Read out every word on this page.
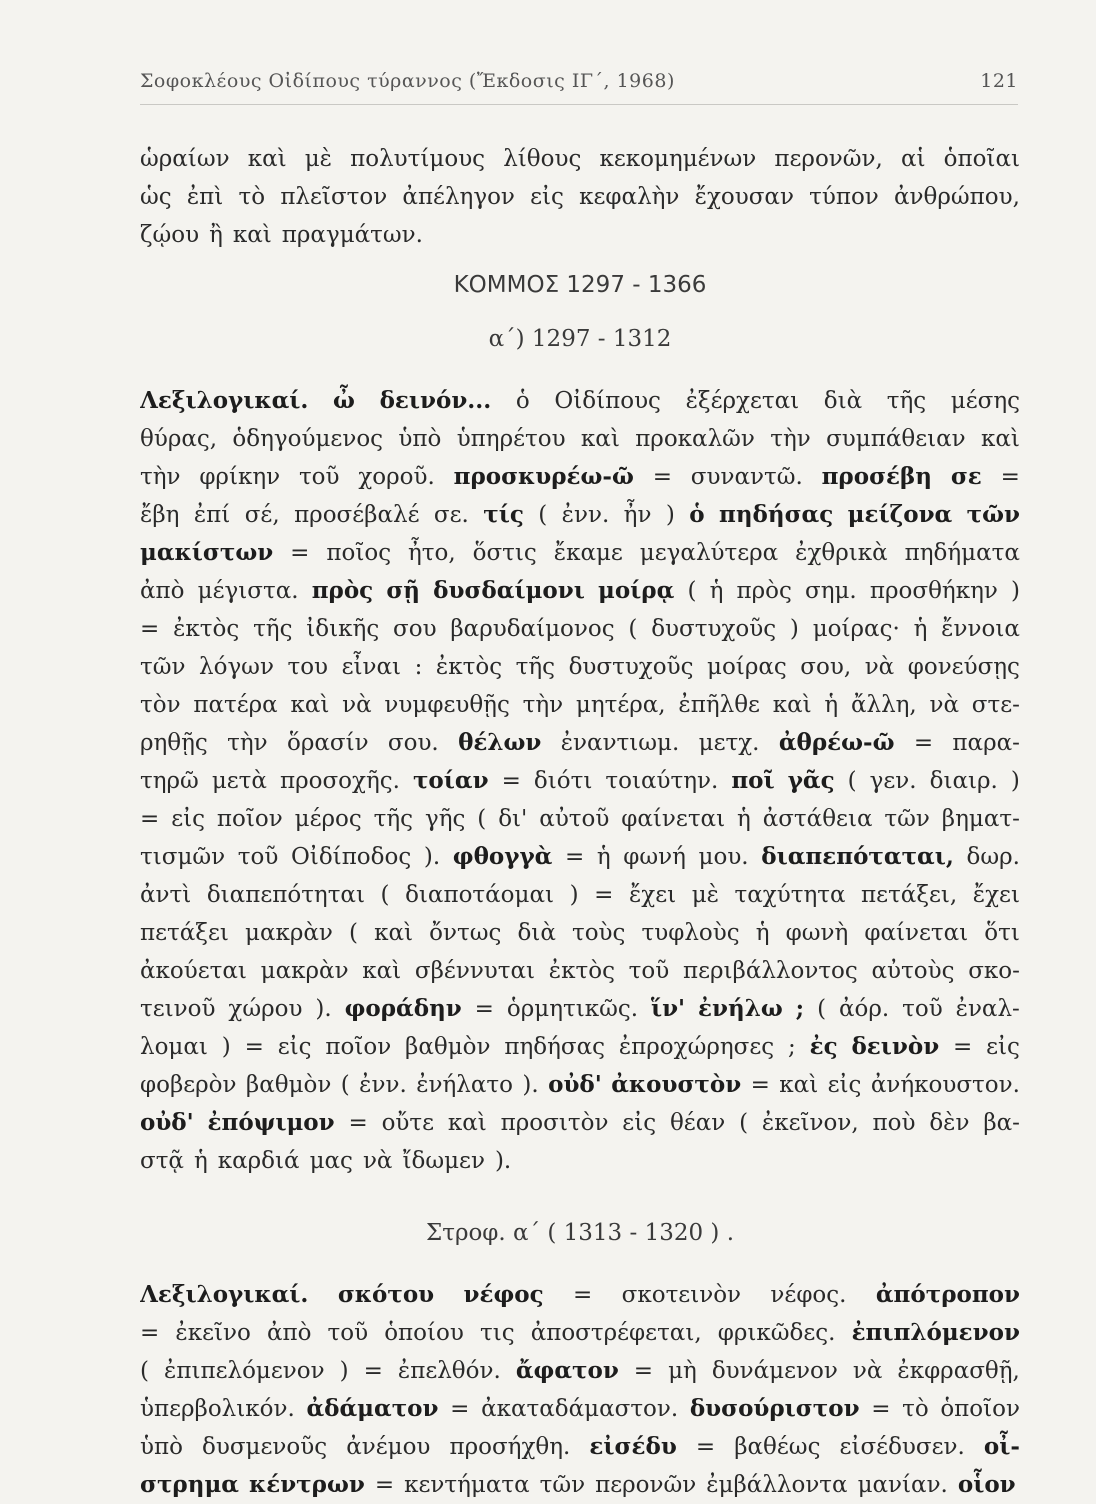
Σοφοκλέους Οἰδίπους τύραννος (Ἔκδοσις ΙΓ΄, 1968)	121
ὡραίων καὶ μὲ πολυτίμους λίθους κεκομημένων περονῶν, αἱ ὁποῖαι
ὡς ἐπὶ τὸ πλεῖστον ἀπέληγον εἰς κεφαλὴν ἔχουσαν τύπον ἀνθρώπου,
ζῴου ἢ καὶ πραγμάτων.
ΚΟΜΜΟΣ 1297 - 1366
α΄) 1297 - 1312
Λεξιλογικαί. ὦ δεινόν... ὁ Οἰδίπους ἐξέρχεται διὰ τῆς μέσης
θύρας, ὁδηγούμενος ὑπὸ ὑπηρέτου καὶ προκαλῶν τὴν συμπάθειαν καὶ
τὴν φρίκην τοῦ χοροῦ. προσκυρέω-ῶ = συναντῶ. προσέβη σε =
ἔβη ἐπί σέ, προσέβαλέ σε. τίς ( ἐνν. ἦν ) ὁ πηδήσας μείζονα τῶν
μακίστων = ποῖος ἦτο, ὅστις ἔκαμε μεγαλύτερα ἐχθρικὰ πηδήματα
ἀπὸ μέγιστα. πρὸς σῇ δυσδαίμονι μοίρᾳ ( ἡ πρὸς σημ. προσθήκην )
= ἐκτὸς τῆς ἰδικῆς σου βαρυδαίμονος ( δυστυχοῦς ) μοίρας· ἡ ἔννοια
τῶν λόγων του εἶναι : ἐκτὸς τῆς δυστυχοῦς μοίρας σου, νὰ φονεύσῃς
τὸν πατέρα καὶ νὰ νυμφευθῇς τὴν μητέρα, ἐπῆλθε καὶ ἡ ἄλλη, νὰ στε-
ρηθῇς τὴν ὅρασίν σου. θέλων ἐναντιωμ. μετχ. ἀθρέω-ῶ = παρα-
τηρῶ μετὰ προσοχῆς. τοίαν = διότι τοιαύτην. ποῖ γᾶς ( γεν. διαιρ. )
= εἰς ποῖον μέρος τῆς γῆς ( δι' αὐτοῦ φαίνεται ἡ ἀστάθεια τῶν βηματ-
τισμῶν τοῦ Οἰδίποδος ). φθογγὰ = ἡ φωνή μου. διαπεπόταται, δωρ.
ἀντὶ διαπεπότηται ( διαποτάομαι ) = ἔχει μὲ ταχύτητα πετάξει, ἔχει
πετάξει μακρὰν ( καὶ ὄντως διὰ τοὺς τυφλοὺς ἡ φωνὴ φαίνεται ὅτι
ἀκούεται μακρὰν καὶ σβέννυται ἐκτὸς τοῦ περιβάλλοντος αὐτοὺς σκο-
τεινοῦ χώρου ). φοράδην = ὁρμητικῶς. ἵν' ἐνήλω ; ( ἀόρ. τοῦ ἐναλ-
λομαι ) = εἰς ποῖον βαθμὸν πηδήσας ἐπροχώρησες ; ἐς δεινὸν = εἰς
φοβερὸν βαθμὸν ( ἐνν. ἐνήλατο ). οὐδ' ἀκουστὸν = καὶ εἰς ἀνήκουστον.
οὐδ' ἐπόψιμον = οὔτε καὶ προσιτὸν εἰς θέαν ( ἐκεῖνον, ποὺ δὲν βα-
στᾷ ἡ καρδιά μας νὰ ἴδωμεν ).
Στροφ. α΄ ( 1313 - 1320 ) .
Λεξιλογικαί. σκότου νέφος = σκοτεινὸν νέφος. ἀπότροπον
= ἐκεῖνο ἀπὸ τοῦ ὁποίου τις ἀποστρέφεται, φρικῶδες. ἐπιπλόμενον
( ἐπιπελόμενον ) = ἐπελθόν. ἄφατον = μὴ δυνάμενον νὰ ἐκφρασθῇ,
ὑπερβολικόν. ἀδάματον = ἀκαταδάμαστον. δυσούριστον = τὸ ὁποῖον
ὑπὸ δυσμενοῦς ἀνέμου προσήχθη. εἰσέδυ = βαθέως εἰσέδυσεν. οἶ-
στρημα κέντρων = κεντήματα τῶν περονῶν ἐμβάλλοντα μανίαν. οἷον
